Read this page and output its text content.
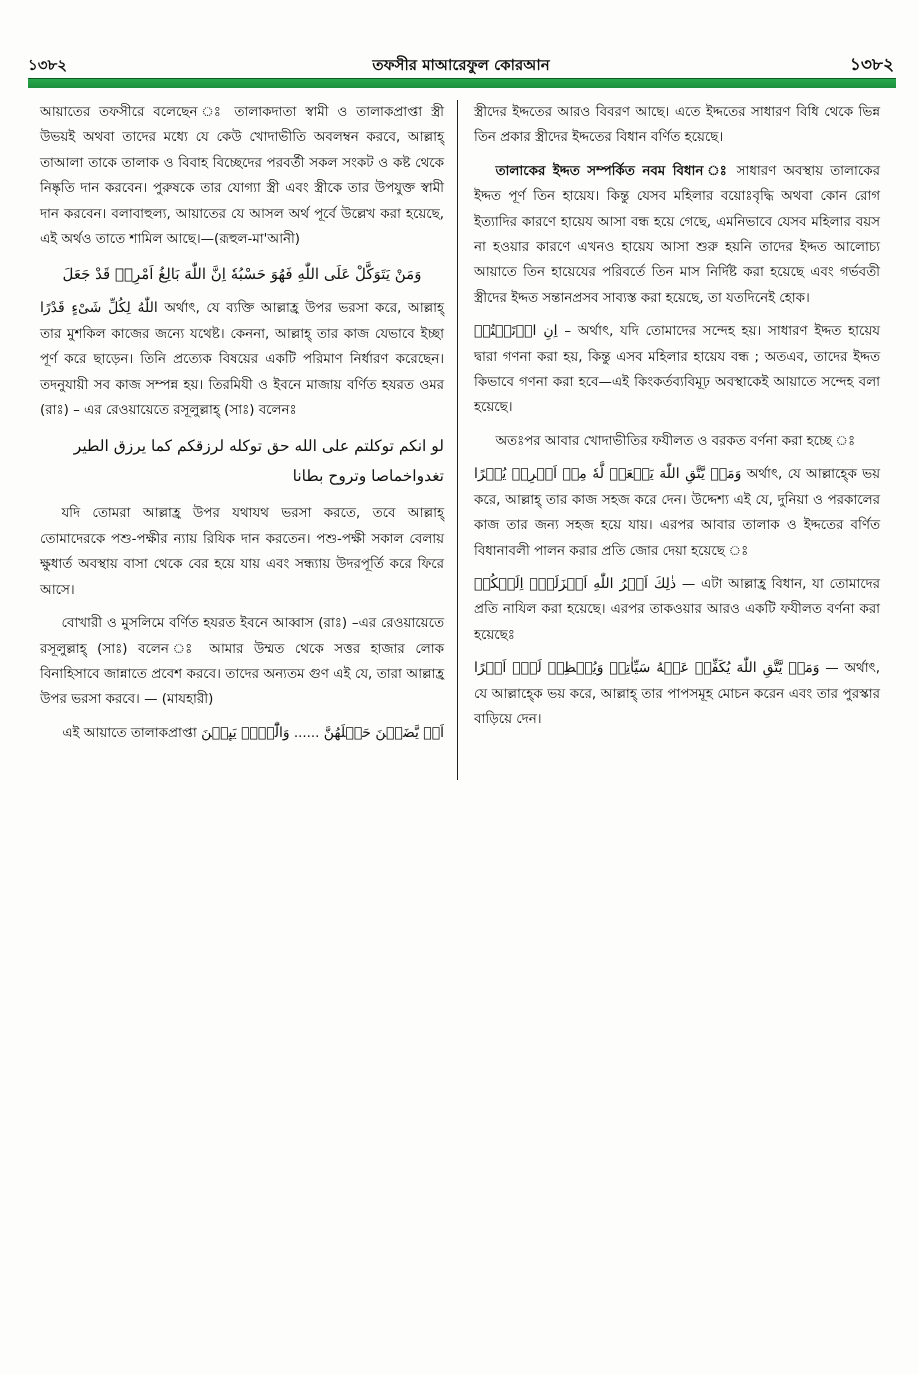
১৩৮২	তফসীর মাআরেফুল কোরআন	১৩৮২

আয়াতের তফসীরে বলেছেন ঃ তালাকদাতা স্বামী ও তালাকপ্রাপ্তা স্ত্রী উভয়ই অথবা তাদের মধ্যে যে কেউ খোদাভীতি অবলম্বন করবে, আল্লাহ্ তাআলা তাকে তালাক ও বিবাহ বিচ্ছেদের পরবর্তী সকল সংকট ও কষ্ট থেকে নিষ্কৃতি দান করবেন। পুরুষকে তার যোগ্যা স্ত্রী এবং স্ত্রীকে তার উপযুক্ত স্বামী দান করবেন। বলাবাহুল্য, আয়াতের যে আসল অর্থ পূর্বে উল্লেখ করা হয়েছে, এই অর্থও তাতে শামিল আছে।—(রূহুল-মা'আনী)

وَمَنْ يَتَوَكَّلْ عَلَى اللّٰهِ فَهُوَ حَسْبُهٗ اِنَّ اللّٰهَ بَالِغُ اَمْرِهٖ قَدْ جَعَلَ

اللّٰهُ لِكُلِّ شَىْءٍ قَدْرًا অর্থাৎ, যে ব্যক্তি আল্লাহ্র উপর ভরসা করে, আল্লাহ্ তার মুশকিল কাজের জন্যে যথেষ্ট। কেননা, আল্লাহ্ তার কাজ যেভাবে ইচ্ছা পূর্ণ করে ছাড়েন। তিনি প্রত্যেক বিষয়ের একটি পরিমাণ নির্ধারণ করেছেন। তদনুযায়ী সব কাজ সম্পন্ন হয়। তিরমিযী ও ইবনে মাজায় বর্ণিত হযরত ওমর (রাঃ) – এর রেওয়ায়েতে রসূলুল্লাহ্ (সাঃ) বলেনঃ

لو انكم توكلتم على الله حق توكله لرزقكم كما يرزق الطير تغدواخماصا وتروح بطانا

যদি তোমরা আল্লাহ্র উপর যথাযথ ভরসা করতে, তবে আল্লাহ্ তোমাদেরকে পশু-পক্ষীর ন্যায় রিযিক দান করতেন। পশু-পক্ষী সকাল বেলায় ক্ষুধার্ত অবস্থায় বাসা থেকে বের হয়ে যায় এবং সন্ধ্যায় উদরপূর্তি করে ফিরে আসে।

বোখারী ও মুসলিমে বর্ণিত হযরত ইবনে আব্বাস (রাঃ) –এর রেওয়ায়েতে রসূলুল্লাহ্ (সাঃ) বলেন ঃ আমার উম্মত থেকে সত্তর হাজার লোক বিনাহিসাবে জান্নাতে প্রবেশ করবে। তাদের অন্যতম গুণ এই যে, তারা আল্লাহ্র উপর ভরসা করবে। — (মাযহারী)

এই আয়াতে তালাকপ্রাপ্তা وَالّٰٓىِٕۡ يَىِٕسۡنَ ...... اَنۡ يَّضَعۡنَ حَمۡلَهُنَّ

স্ত্রীদের ইদ্দতের আরও বিবরণ আছে। এতে ইদ্দতের সাধারণ বিধি থেকে ভিন্ন তিন প্রকার স্ত্রীদের ইদ্দতের বিধান বর্ণিত হয়েছে।

তালাকের ইদ্দত সম্পর্কিত নবম বিধান ঃ সাধারণ অবস্থায় তালাকের ইদ্দত পূর্ণ তিন হায়েয। কিন্তু যেসব মহিলার বয়োঃবৃদ্ধি অথবা কোন রোগ ইত্যাদির কারণে হায়েয আসা বন্ধ হয়ে গেছে, এমনিভাবে যেসব মহিলার বয়স না হওয়ার কারণে এখনও হায়েয আসা শুরু হয়নি তাদের ইদ্দত আলোচ্য আয়াতে তিন হায়েযের পরিবর্তে তিন মাস নির্দিষ্ট করা হয়েছে এবং গর্ভবতী স্ত্রীদের ইদ্দত সন্তানপ্রসব সাব্যস্ত করা হয়েছে, তা যতদিনেই হোক।

اِنِ ارۡتَبۡتُمۡ – অর্থাৎ, যদি তোমাদের সন্দেহ হয়। সাধারণ ইদ্দত হায়েয দ্বারা গণনা করা হয়, কিন্তু এসব মহিলার হায়েয বন্ধ ; অতএব, তাদের ইদ্দত কিভাবে গণনা করা হবে—এই কিংকর্তব্যবিমূঢ় অবস্থাকেই আয়াতে সন্দেহ বলা হয়েছে।

অতঃপর আবার খোদাভীতির ফযীলত ও বরকত বর্ণনা করা হচ্ছে ঃ

وَمَنۡ يَّتَّقِ اللّٰهَ يَجۡعَلۡ لَّهٗ مِنۡ اَمۡرِهٖ يُسۡرًا অর্থাৎ, যে আল্লাহ্কে ভয় করে, আল্লাহ্ তার কাজ সহজ করে দেন। উদ্দেশ্য এই যে, দুনিয়া ও পরকালের কাজ তার জন্য সহজ হয়ে যায়। এরপর আবার তালাক ও ইদ্দতের বর্ণিত বিধানাবলী পালন করার প্রতি জোর দেয়া হয়েছে ঃ

ذٰلِكَ اَمۡرُ اللّٰهِ اَنۡزَلَهٗۤ اِلَيۡكُمۡ — এটা আল্লাহ্র বিধান, যা তোমাদের প্রতি নাযিল করা হয়েছে। এরপর তাকওয়ার আরও একটি ফযীলত বর্ণনা করা হয়েছেঃ

وَمَنۡ يَّتَّقِ اللّٰهَ يُكَفِّرۡ عَنۡهُ سَيِّاٰتِهٖ وَيُعۡظِمۡ لَهٗۤ اَجۡرًا — অর্থাৎ, যে আল্লাহ্কে ভয় করে, আল্লাহ্ তার পাপসমূহ মোচন করেন এবং তার পুরস্কার বাড়িয়ে দেন।
